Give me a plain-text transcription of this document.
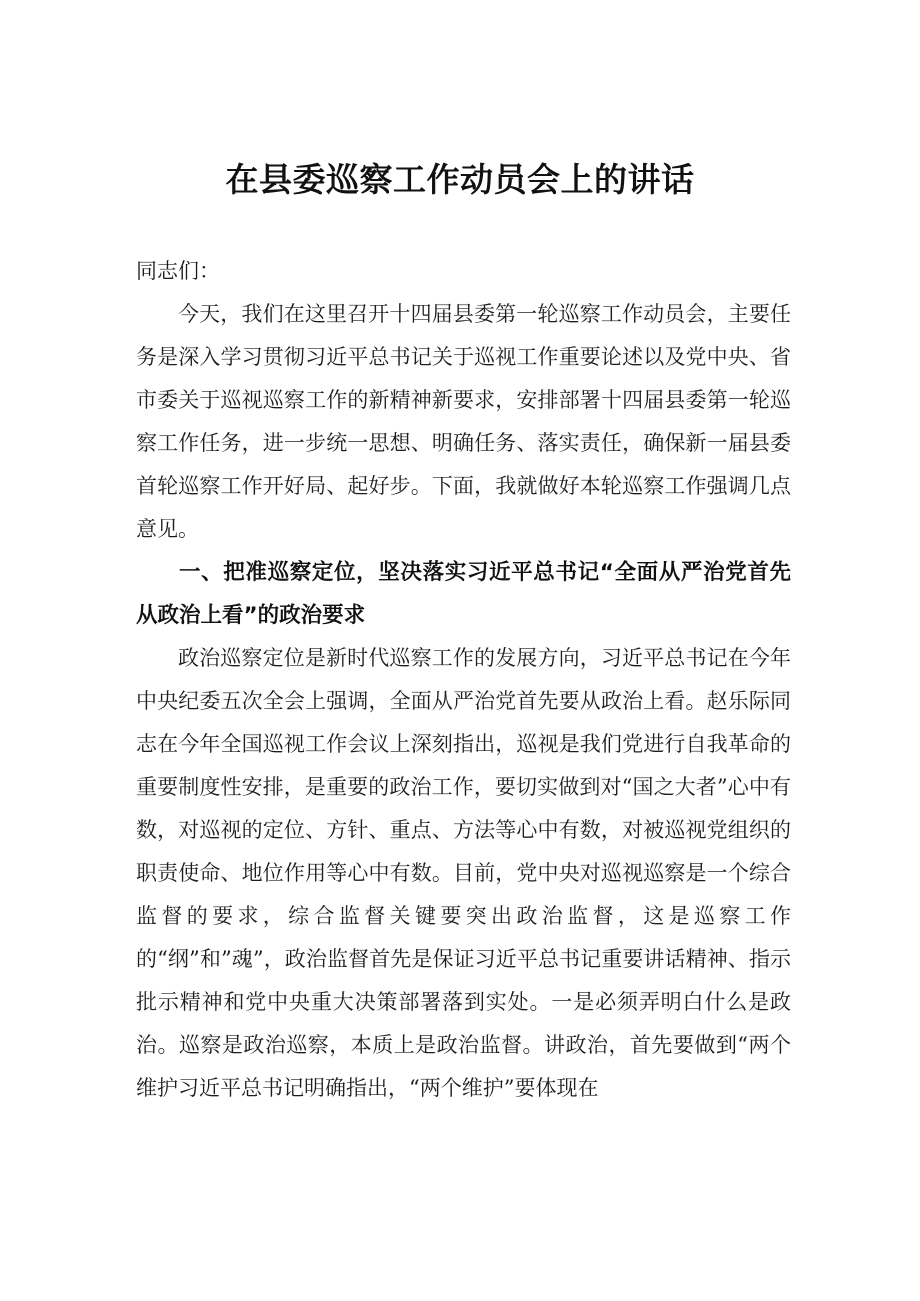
在县委巡察工作动员会上的讲话

同志们：

今天，我们在这里召开十四届县委第一轮巡察工作动员会，主要任务是深入学习贯彻习近平总书记关于巡视工作重要论述以及党中央、省市委关于巡视巡察工作的新精神新要求，安排部署十四届县委第一轮巡察工作任务，进一步统一思想、明确任务、落实责任，确保新一届县委首轮巡察工作开好局、起好步。下面，我就做好本轮巡察工作强调几点意见。

一、把准巡察定位，坚决落实习近平总书记“全面从严治党首先从政治上看”的政治要求

政治巡察定位是新时代巡察工作的发展方向，习近平总书记在今年中央纪委五次全会上强调，全面从严治党首先要从政治上看。赵乐际同志在今年全国巡视工作会议上深刻指出，巡视是我们党进行自我革命的重要制度性安排，是重要的政治工作，要切实做到对“国之大者”心中有数，对巡视的定位、方针、重点、方法等心中有数，对被巡视党组织的职责使命、地位作用等心中有数。目前，党中央对巡视巡察是一个综合监督的要求，综合监督关键要突出政治监督，这是巡察工作的“纲”和”魂”，政治监督首先是保证习近平总书记重要讲话精神、指示批示精神和党中央重大决策部署落到实处。一是必须弄明白什么是政治。巡察是政治巡察，本质上是政治监督。讲政治，首先要做到“两个维护习近平总书记明确指出，“两个维护”要体现在
